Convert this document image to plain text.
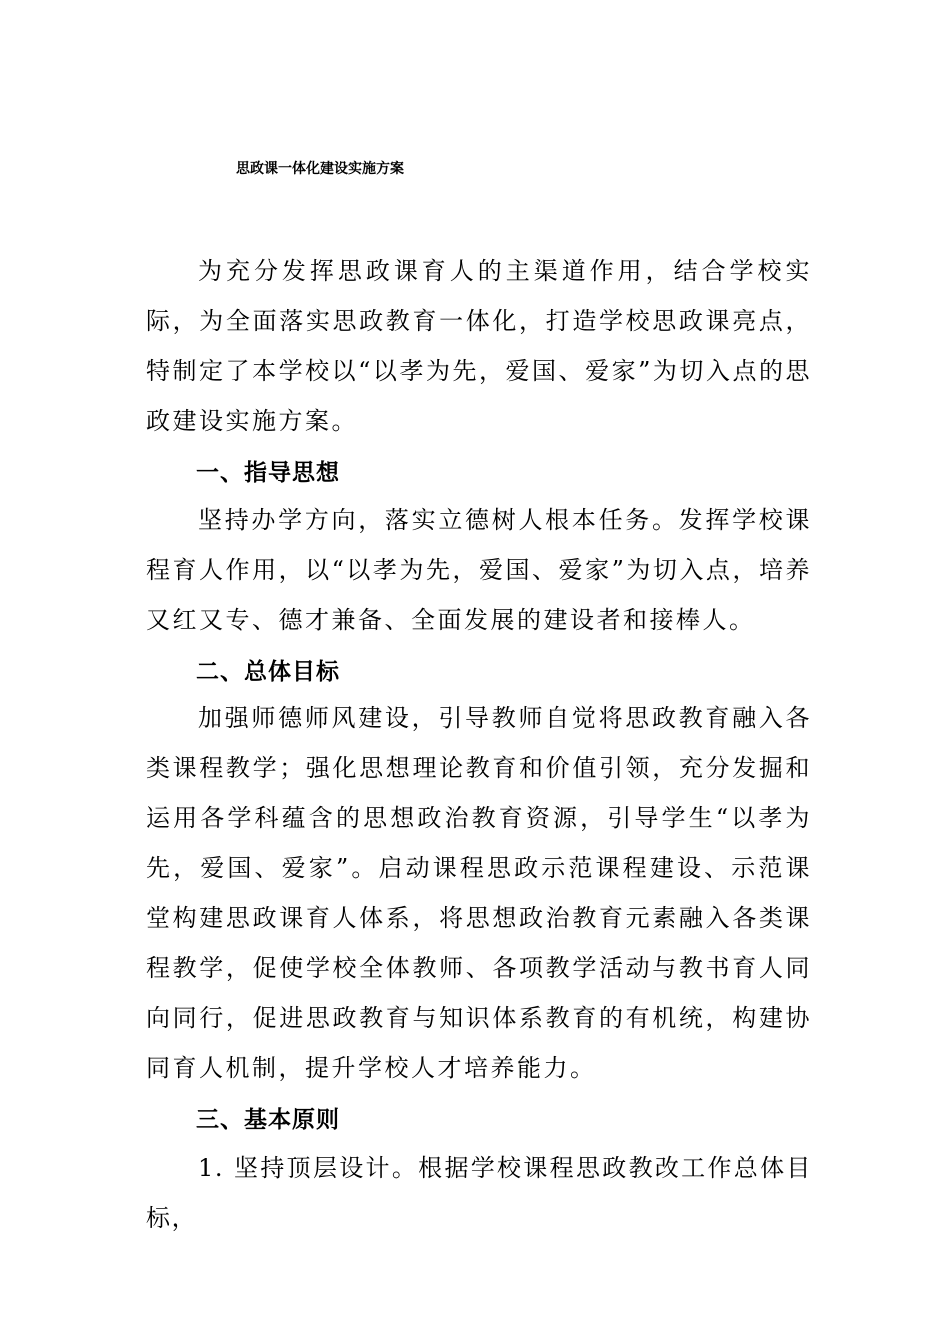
思政课一体化建设实施方案
为充分发挥思政课育人的主渠道作用，结合学校实际，为全面落实思政教育一体化，打造学校思政课亮点，特制定了本学校以“以孝为先，爱国、爱家”为切入点的思政建设实施方案。
一、指导思想
坚持办学方向，落实立德树人根本任务。发挥学校课程育人作用，以“以孝为先，爱国、爱家”为切入点，培养又红又专、德才兼备、全面发展的建设者和接棒人。
二、总体目标
加强师德师风建设，引导教师自觉将思政教育融入各类课程教学；强化思想理论教育和价值引领，充分发掘和运用各学科蕴含的思想政治教育资源，引导学生“以孝为先，爱国、爱家”。启动课程思政示范课程建设、示范课堂构建思政课育人体系，将思想政治教育元素融入各类课程教学，促使学校全体教师、各项教学活动与教书育人同向同行，促进思政教育与知识体系教育的有机统，构建协同育人机制，提升学校人才培养能力。
三、基本原则
1. 坚持顶层设计。根据学校课程思政教改工作总体目标，
